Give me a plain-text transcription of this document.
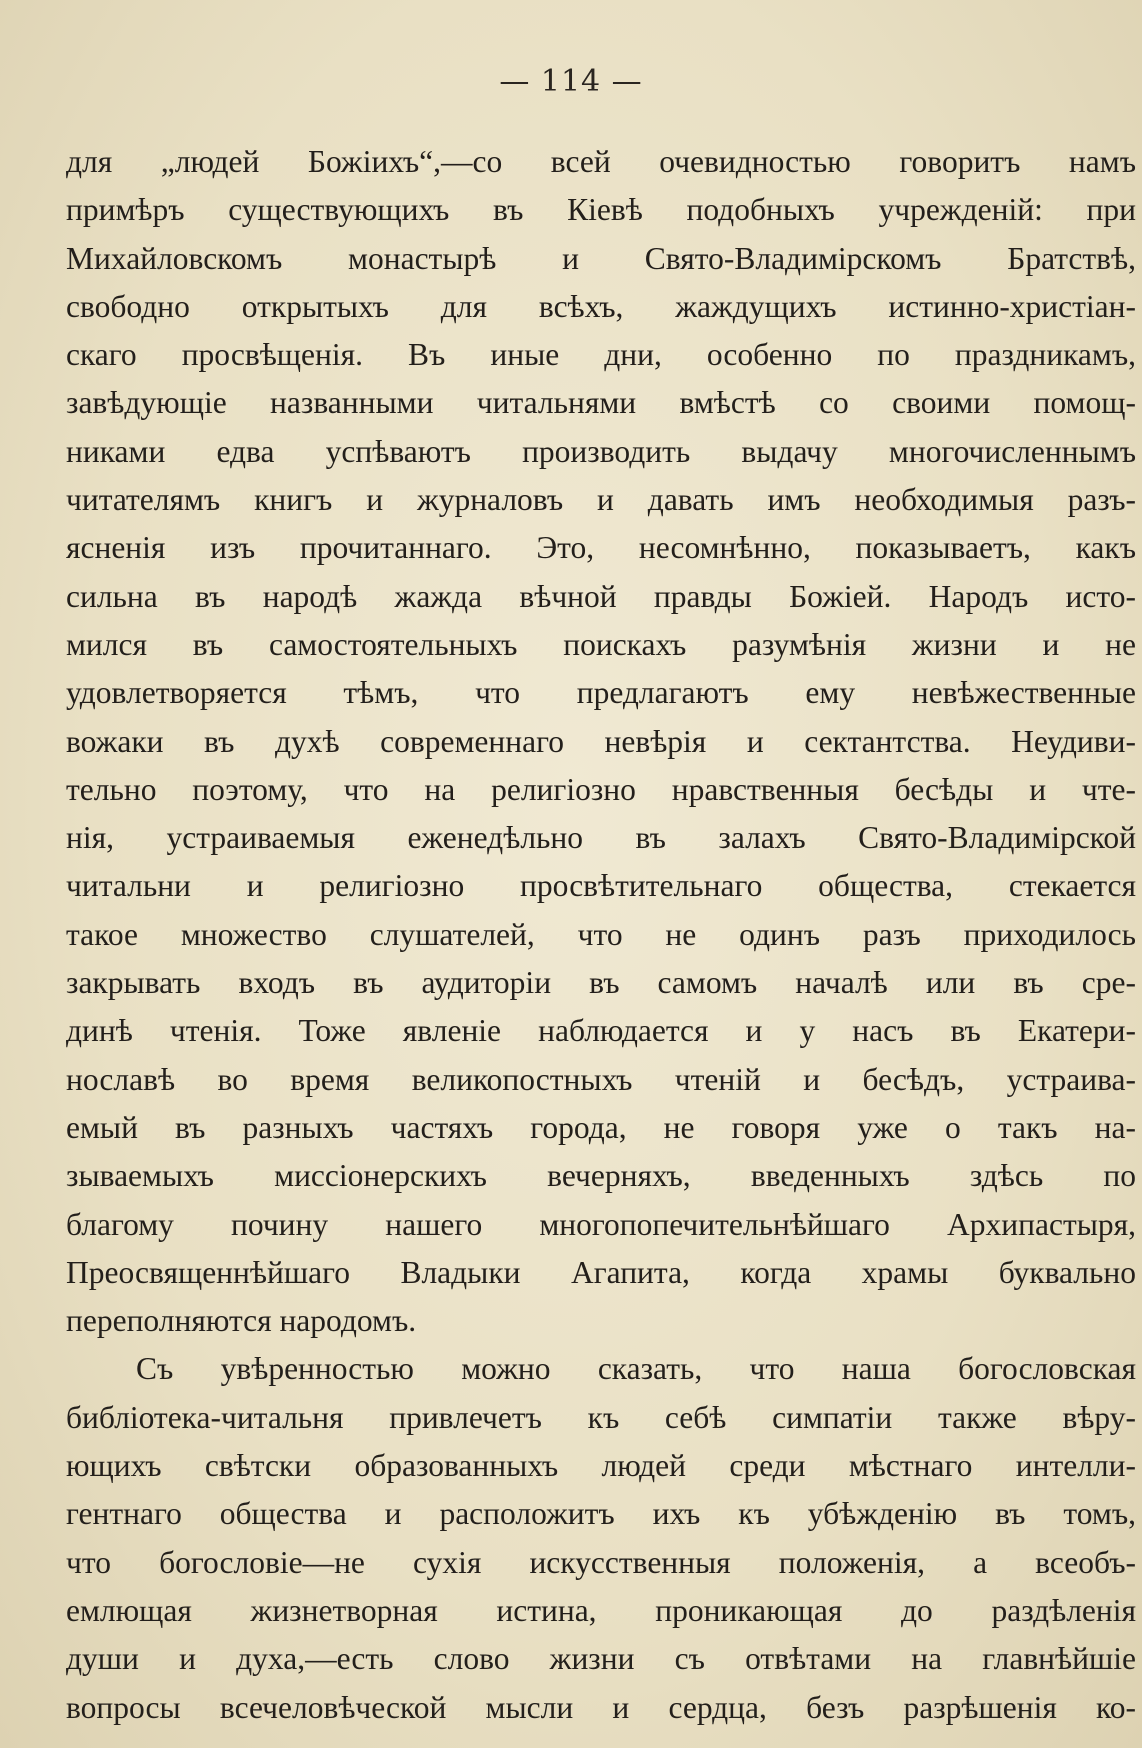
— 114 —
для „людей Божіихъ“,—со всей очевидностью говоритъ намъ
примѣръ существующихъ въ Кіевѣ подобныхъ учрежденій: при
Михайловскомъ монастырѣ и Свято-Владимірскомъ Братствѣ,
свободно открытыхъ для всѣхъ, жаждущихъ истинно-христіан-
скаго просвѣщенія. Въ иные дни, особенно по праздникамъ,
завѣдующіе названными читальнями вмѣстѣ со своими помощ-
никами едва успѣваютъ производить выдачу многочисленнымъ
читателямъ книгъ и журналовъ и давать имъ необходимыя разъ-
ясненія изъ прочитаннаго. Это, несомнѣнно, показываетъ, какъ
сильна въ народѣ жажда вѣчной правды Божіей. Народъ исто-
мился въ самостоятельныхъ поискахъ разумѣнія жизни и не
удовлетворяется тѣмъ, что предлагаютъ ему невѣжественные
вожаки въ духѣ современнаго невѣрія и сектантства. Неудиви-
тельно поэтому, что на религіозно нравственныя бесѣды и чте-
нія, устраиваемыя еженедѣльно въ залахъ Свято-Владимірской
читальни и религіозно просвѣтительнаго общества, стекается
такое множество слушателей, что не одинъ разъ приходилось
закрывать входъ въ аудиторіи въ самомъ началѣ или въ сре-
динѣ чтенія. Тоже явленіе наблюдается и у насъ въ Екатери-
нославѣ во время великопостныхъ чтеній и бесѣдъ, устраива-
емый въ разныхъ частяхъ города, не говоря уже о такъ на-
зываемыхъ миссіонерскихъ вечерняхъ, введенныхъ здѣсь по
благому почину нашего многопопечительнѣйшаго Архипастыря,
Преосвященнѣйшаго Владыки Агапита, когда храмы буквально
переполняются народомъ.
Съ увѣренностью можно сказать, что наша богословская
библіотека-читальня привлечетъ къ себѣ симпатіи также вѣру-
ющихъ свѣтски образованныхъ людей среди мѣстнаго интелли-
гентнаго общества и расположитъ ихъ къ убѣжденію въ томъ,
что богословіе—не сухія искусственныя положенія, а всеобъ-
емлющая жизнетворная истина, проникающая до раздѣленія
души и духа,—есть слово жизни съ отвѣтами на главнѣйшіе
вопросы всечеловѣческой мысли и сердца, безъ разрѣшенія ко-
